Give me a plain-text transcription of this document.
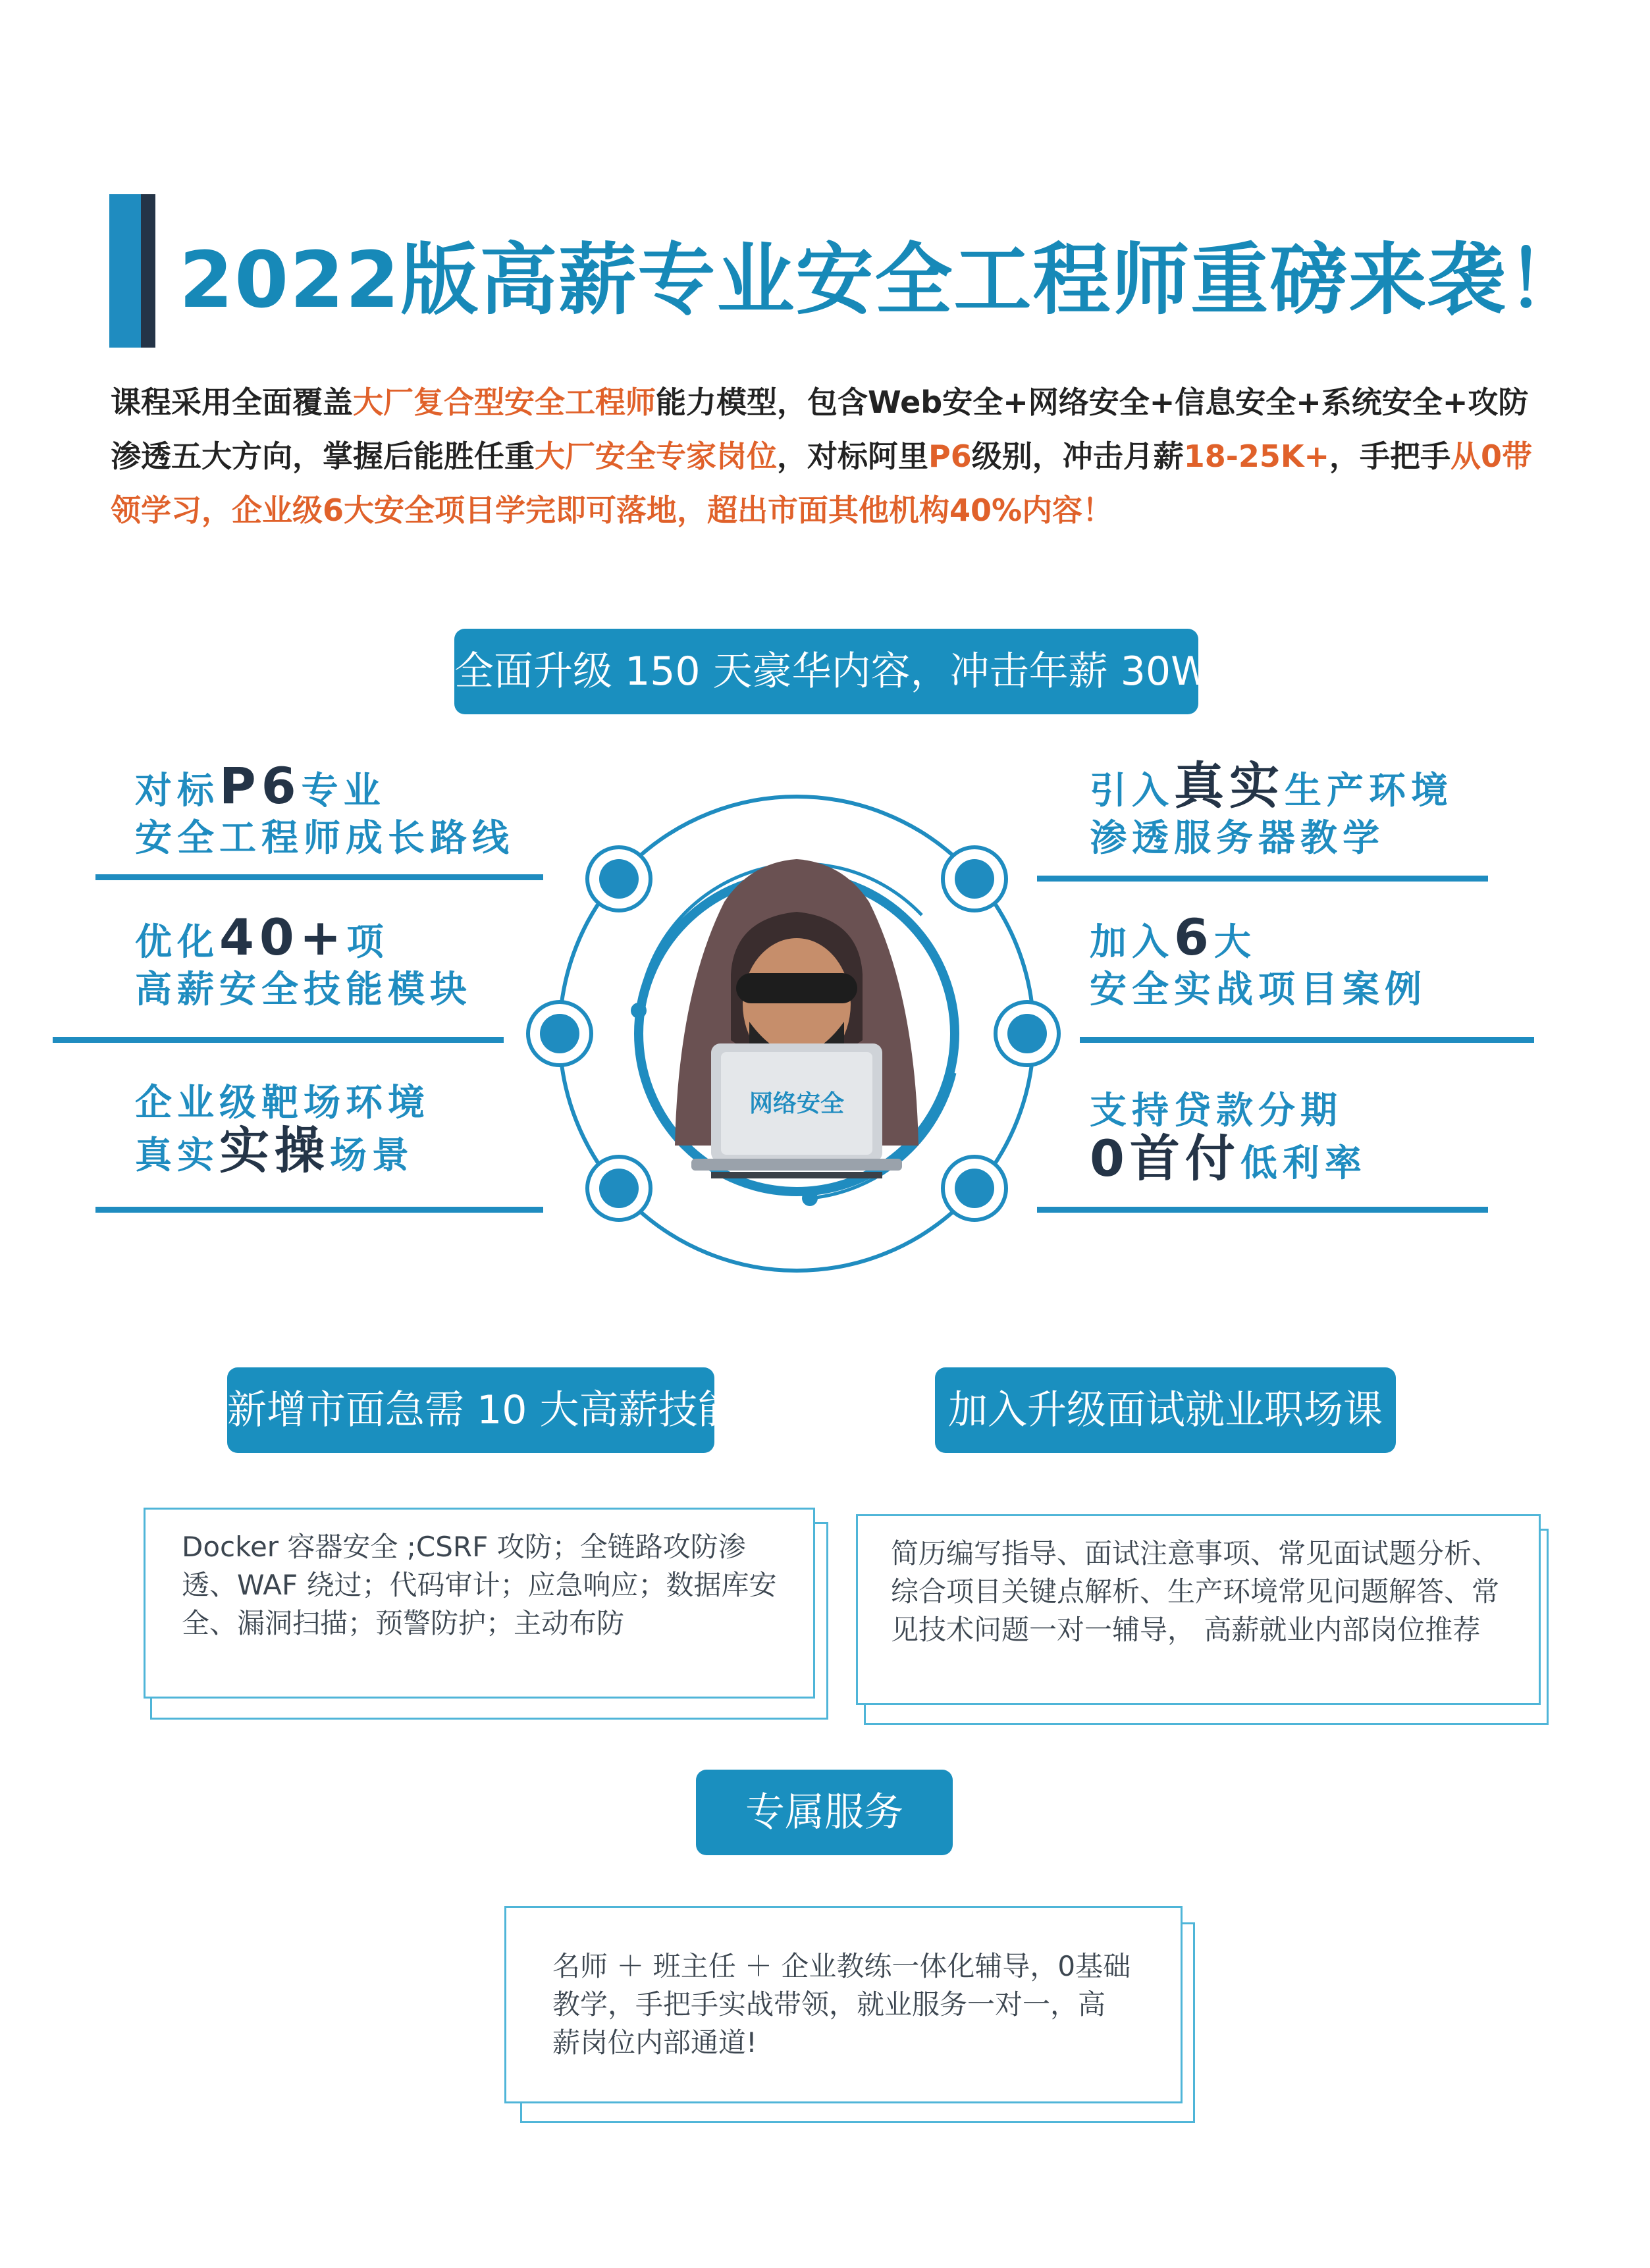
2022版高薪专业安全工程师重磅来袭！
课程采用全面覆盖大厂复合型安全工程师能力模型，包含Web安全+网络安全+信息安全+系统安全+攻防渗透五大方向，掌握后能胜任重大厂安全专家岗位，对标阿里P6级别，冲击月薪18-25K+，手把手从0带领学习，企业级6大安全项目学完即可落地，超出市面其他机构40%内容！
全面升级 150 天豪华内容，冲击年薪 30W
网络安全
对标P6专业
安全工程师成长路线
优化40+项
高薪安全技能模块
企业级靶场环境
真实实操场景
引入真实生产环境
渗透服务器教学
加入6大
安全实战项目案例
支持贷款分期
0首付低利率
新增市面急需 10 大高薪技能	加入升级面试就业职场课
Docker 容器安全 ;CSRF 攻防；全链路攻防渗透、WAF 绕过；代码审计；应急响应；数据库安全、漏洞扫描；预警防护；主动布防
简历编写指导、面试注意事项、常见面试题分析、综合项目关键点解析、生产环境常见问题解答、常见技术问题一对一辅导， 高薪就业内部岗位推荐
专属服务
名师 ＋ 班主任 ＋ 企业教练一体化辅导，0基础教学，手把手实战带领，就业服务一对一，高薪岗位内部通道!
